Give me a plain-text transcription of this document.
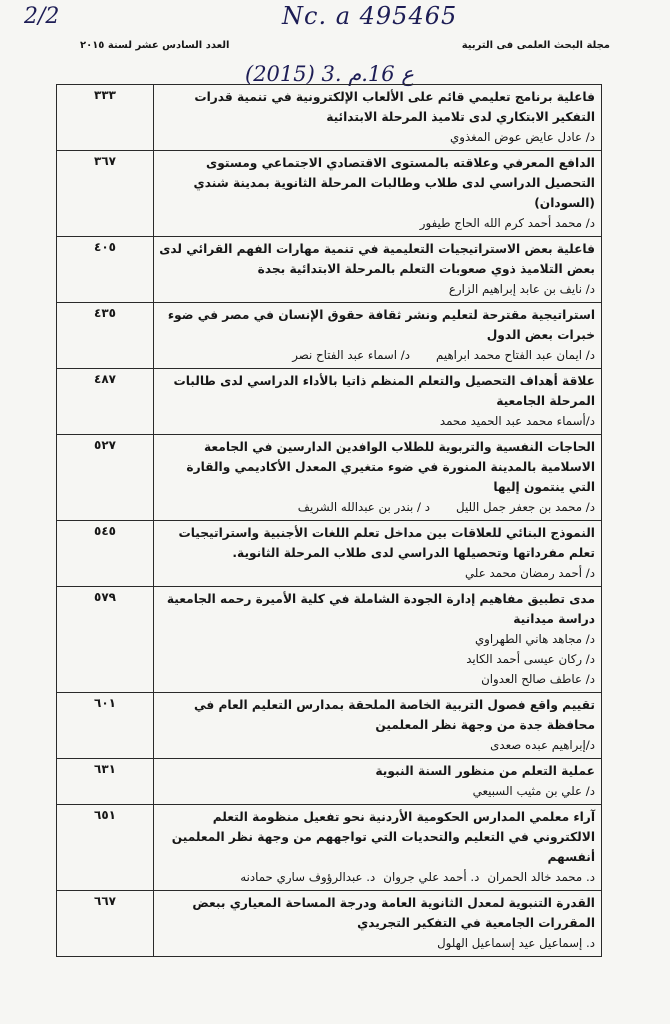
2/2	Nc. a 495465
(2015) 3. ع 16.م
مجلة البحث العلمى فى التربية
العدد السادس عشر لسنة ٢٠١٥
فاعلية برنامج تعليمي قائم على الألعاب الإلكترونية في تنمية قدرات التفكير الابتكاري لدى تلاميذ المرحلة الابتدائية
د/ عادل عايض عوض المغذوي	٣٣٣

الدافع المعرفي وعلاقته بالمستوى الاقتصادي الاجتماعي ومستوى التحصيل الدراسي لدى طلاب وطالبات المرحلة الثانوية بمدينة شندي (السودان)
د/ محمد أحمد كرم الله الحاج طيفور	٣٦٧

فاعلية بعض الاستراتيجيات التعليمية في تنمية مهارات الفهم القرائي لدى بعض التلاميذ ذوي صعوبات التعلم بالمرحلة الابتدائية بجدة
د/ نايف بن عابد إبراهيم الزارع	٤٠٥

استراتيجية مقترحة لتعليم ونشر ثقافة حقوق الإنسان في مصر في ضوء خبرات بعض الدول
د/ ايمان عبد الفتاح محمد ابراهيم
د/ اسماء عبد الفتاح نصر	٤٣٥

علاقة أهداف التحصيل والتعلم المنظم ذاتيا بالأداء الدراسي لدى طالبات المرحلة الجامعية
د/أسماء محمد عبد الحميد محمد	٤٨٧

الحاجات النفسية والتربوية للطلاب الوافدين الدارسين في الجامعة الاسلامية بالمدينة المنورة في ضوء متغيري المعدل الأكاديمي والقارة التي ينتمون إليها
د/ محمد بن جعفر جمل الليل
د / بندر بن عبدالله الشريف	٥٢٧

النموذج البنائي للعلاقات بين مداخل تعلم اللغات الأجنبية واستراتيجيات تعلم مفرداتها وتحصيلها الدراسي لدى طلاب المرحلة الثانوية.
د/ أحمد رمضان محمد علي	٥٤٥

مدى تطبيق مفاهيم إدارة الجودة الشاملة في كلية الأميرة رحمه الجامعية دراسة ميدانية
د/ مجاهد هاني الطهراوي
د/ ركان عيسى أحمد الكايد
د/ عاطف صالح العدوان	٥٧٩

تقييم واقع فصول التربية الخاصة الملحقة بمدارس التعليم العام في محافظة جدة من وجهة نظر المعلمين
د/إبراهيم عبده صعدى	٦٠١

عملية التعلم من منظور السنة النبوية
د/ علي بن مثيب السبيعي	٦٣١

آراء معلمي المدارس الحكومية الأردنية نحو تفعيل منظومة التعلم الالكتروني في التعليم والتحديات التي تواجههم من وجهة نظر المعلمين أنفسهم
د. محمد خالد الحمران
د. أحمد علي جروان
د. عبدالرؤوف ساري حمادنه	٦٥١

القدرة التنبوية لمعدل الثانوية العامة ودرجة المساحة المعياري ببعض المقررات الجامعية في التفكير التجريدي
د. إسماعيل عيد إسماعيل الهلول	٦٦٧
